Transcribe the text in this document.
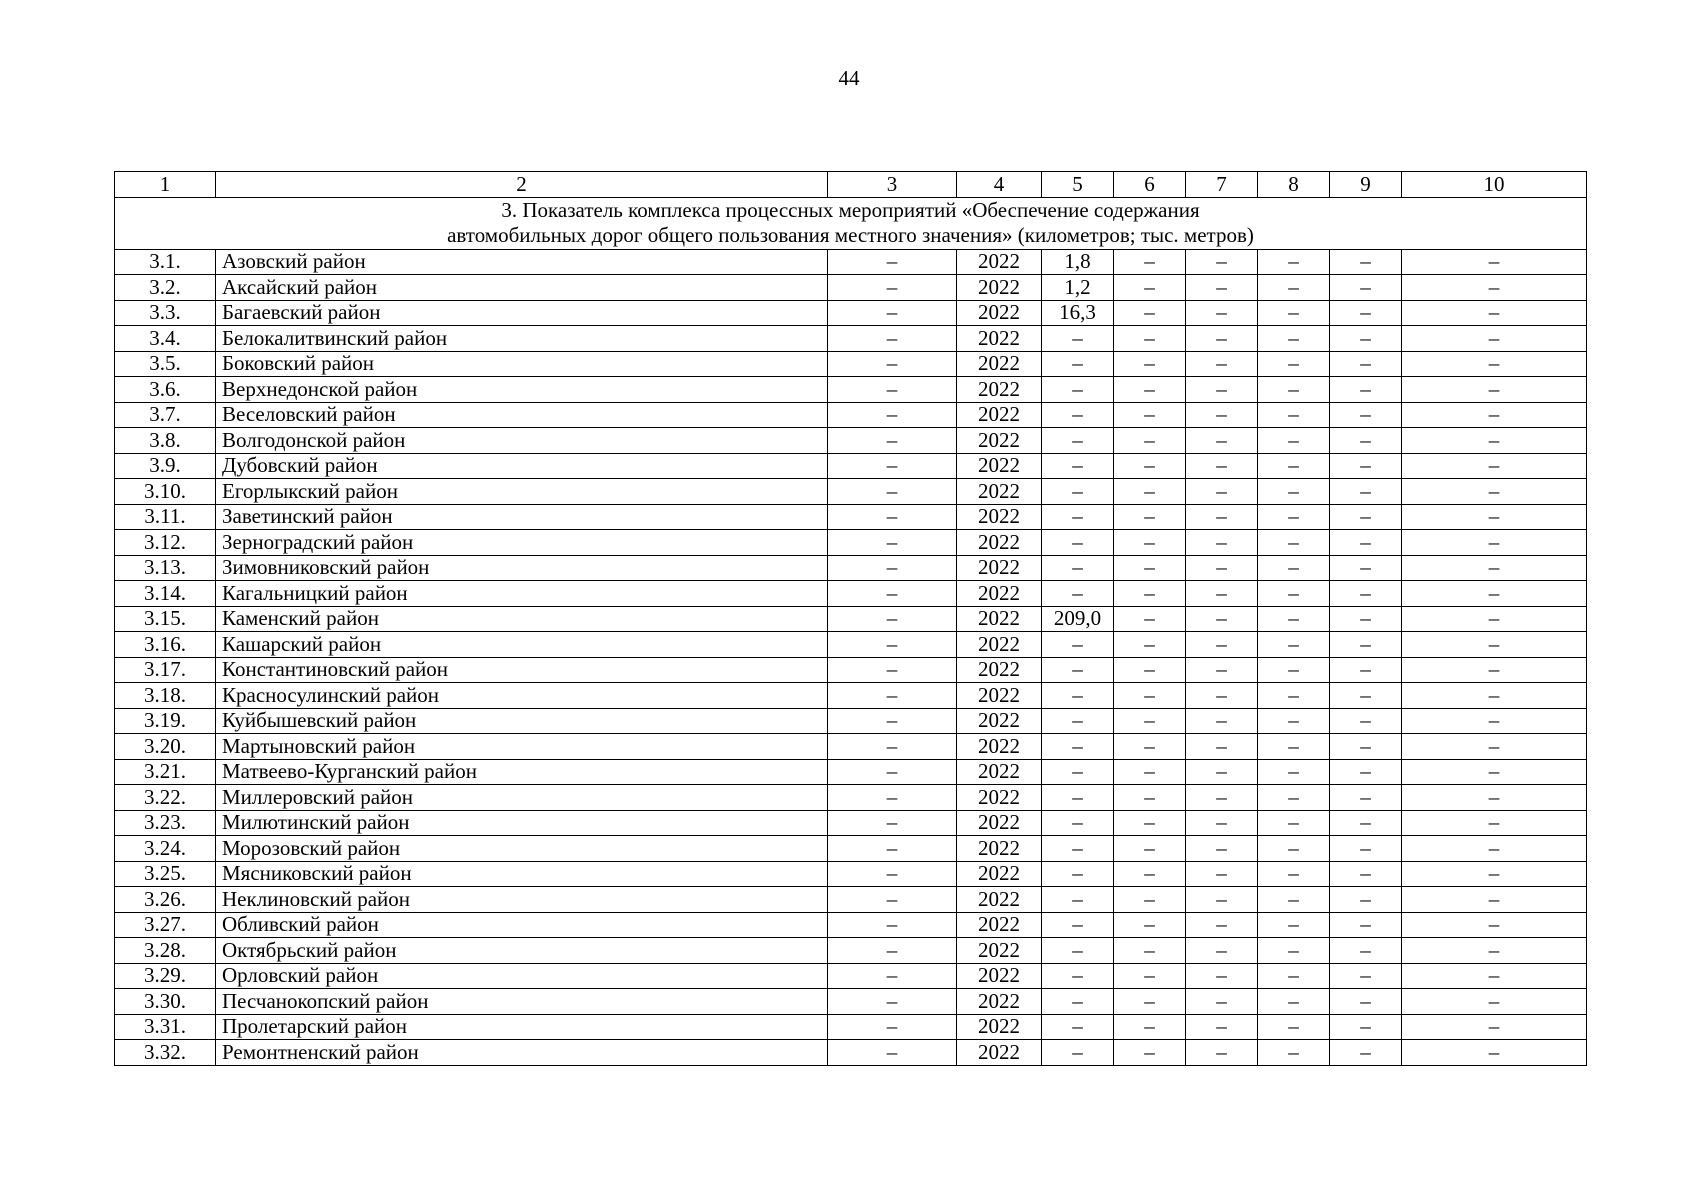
44
1	2	3	4	5	6	7	8	9	10
3. Показатель комплекса процессных мероприятий «Обеспечение содержания
автомобильных дорог общего пользования местного значения» (километров; тыс. метров)									
3.1.	Азовский район	–	2022	1,8	–	–	–	–	–
3.2.	Аксайский район	–	2022	1,2	–	–	–	–	–
3.3.	Багаевский район	–	2022	16,3	–	–	–	–	–
3.4.	Белокалитвинский район	–	2022	–	–	–	–	–	–
3.5.	Боковский район	–	2022	–	–	–	–	–	–
3.6.	Верхнедонской район	–	2022	–	–	–	–	–	–
3.7.	Веселовский район	–	2022	–	–	–	–	–	–
3.8.	Волгодонской район	–	2022	–	–	–	–	–	–
3.9.	Дубовский район	–	2022	–	–	–	–	–	–
3.10.	Егорлыкский район	–	2022	–	–	–	–	–	–
3.11.	Заветинский район	–	2022	–	–	–	–	–	–
3.12.	Зерноградский район	–	2022	–	–	–	–	–	–
3.13.	Зимовниковский район	–	2022	–	–	–	–	–	–
3.14.	Кагальницкий район	–	2022	–	–	–	–	–	–
3.15.	Каменский район	–	2022	209,0	–	–	–	–	–
3.16.	Кашарский район	–	2022	–	–	–	–	–	–
3.17.	Константиновский район	–	2022	–	–	–	–	–	–
3.18.	Красносулинский район	–	2022	–	–	–	–	–	–
3.19.	Куйбышевский район	–	2022	–	–	–	–	–	–
3.20.	Мартыновский район	–	2022	–	–	–	–	–	–
3.21.	Матвеево-Курганский район	–	2022	–	–	–	–	–	–
3.22.	Миллеровский район	–	2022	–	–	–	–	–	–
3.23.	Милютинский район	–	2022	–	–	–	–	–	–
3.24.	Морозовский район	–	2022	–	–	–	–	–	–
3.25.	Мясниковский район	–	2022	–	–	–	–	–	–
3.26.	Неклиновский район	–	2022	–	–	–	–	–	–
3.27.	Обливский район	–	2022	–	–	–	–	–	–
3.28.	Октябрьский район	–	2022	–	–	–	–	–	–
3.29.	Орловский район	–	2022	–	–	–	–	–	–
3.30.	Песчанокопский район	–	2022	–	–	–	–	–	–
3.31.	Пролетарский район	–	2022	–	–	–	–	–	–
3.32.	Ремонтненский район	–	2022	–	–	–	–	–	–
